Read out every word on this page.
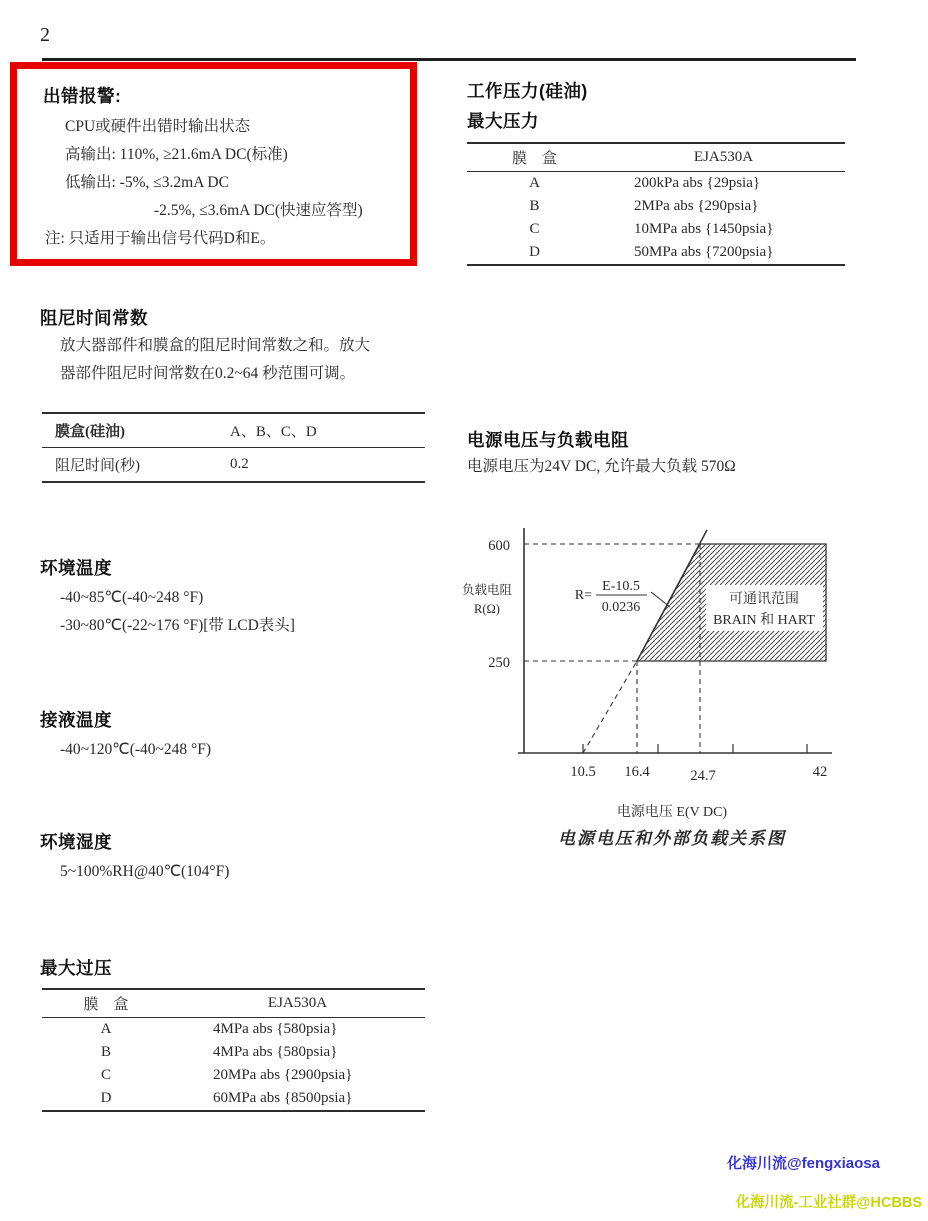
2
出错报警:
CPU或硬件出错时输出状态
高输出: 110%, ≥21.6mA DC(标准)
低输出: -5%, ≤3.2mA DC
-2.5%, ≤3.6mA DC(快速应答型)
注: 只适用于输出信号代码D和E。
工作压力(硅油)
最大压力
膜　盒	EJA530A
A	200kPa abs {29psia}
B	2MPa abs {290psia}
C	10MPa abs {1450psia}
D	50MPa abs {7200psia}
阻尼时间常数
放大器部件和膜盒的阻尼时间常数之和。放大
器部件阻尼时间常数在0.2~64 秒范围可调。
膜盒(硅油)	A、B、C、D
阻尼时间(秒)	0.2
电源电压与负载电阻
电源电压为24V DC, 允许最大负载 570Ω
R=
E-10.5
0.0236
可通讯范围
BRAIN 和 HART
600
250
负载电阻
R(Ω)
10.5 16.4	24.7	42
电源电压 E(V DC)
电源电压和外部负载关系图
环境温度
-40~85℃(-40~248 °F)
-30~80℃(-22~176 °F)[带 LCD表头]
接液温度
-40~120℃(-40~248 °F)
环境湿度
5~100%RH@40℃(104°F)
最大过压
膜　盒	EJA530A
A	4MPa abs {580psia}
B	4MPa abs {580psia}
C	20MPa abs {2900psia}
D	60MPa abs {8500psia}
化海川流@fengxiaosa
化海川流-工业社群@HCBBS
